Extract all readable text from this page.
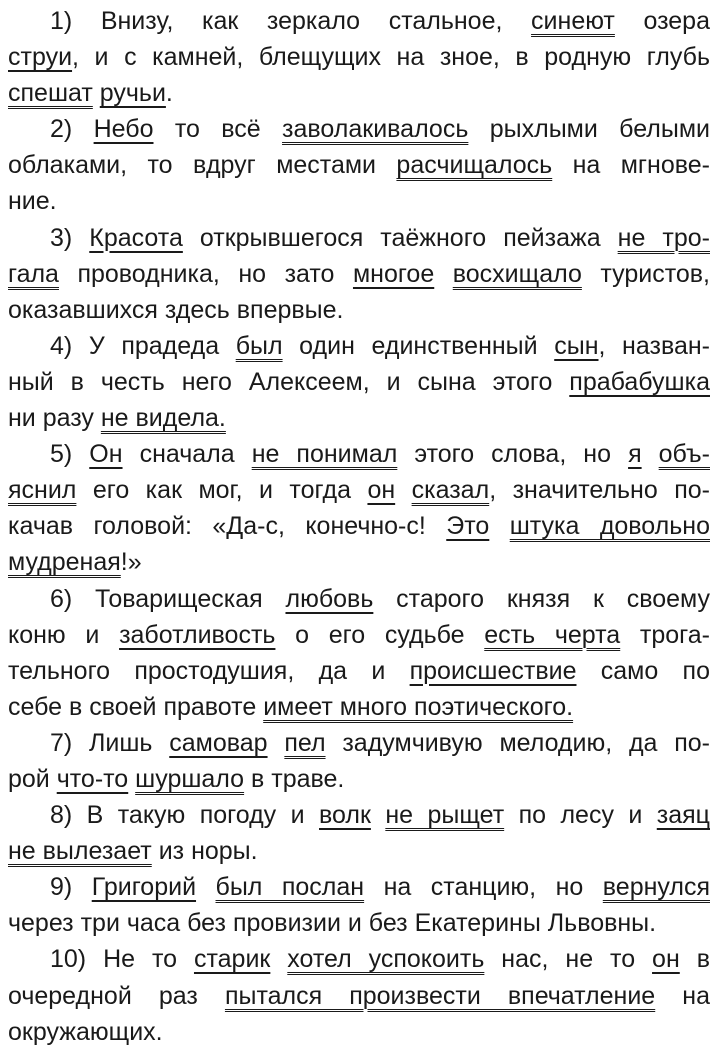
1) Внизу, как зеркало стальное, синеют озера
струи, и с камней, блещущих на зное, в родную глубь
спешат ручьи.
2) Небо то всё заволакивалось рыхлыми белыми
облаками, то вдруг местами расчищалось на мгнове-
ние.
3) Красота открывшегося таёжного пейзажа не тро-
гала проводника, но зато многое восхищало туристов,
оказавшихся здесь впервые.
4) У прадеда был один единственный сын, назван-
ный в честь него Алексеем, и сына этого прабабушка
ни разу не видела.
5) Он сначала не понимал этого слова, но я объ-
яснил его как мог, и тогда он сказал, значительно по-
качав головой: «Да-с, конечно-с! Это штука довольно
мудреная!»
6) Товарищеская любовь старого князя к своему
коню и заботливость о его судьбе есть черта трога-
тельного простодушия, да и происшествие само по
себе в своей правоте имеет много поэтического.
7) Лишь самовар пел задумчивую мелодию, да по-
рой что-то шуршало в траве.
8) В такую погоду и волк не рыщет по лесу и заяц
не вылезает из норы.
9) Григорий был послан на станцию, но вернулся
через три часа без провизии и без Екатерины Львовны.
10) Не то старик хотел успокоить нас, не то он в
очередной раз пытался произвести впечатление на
окружающих.
